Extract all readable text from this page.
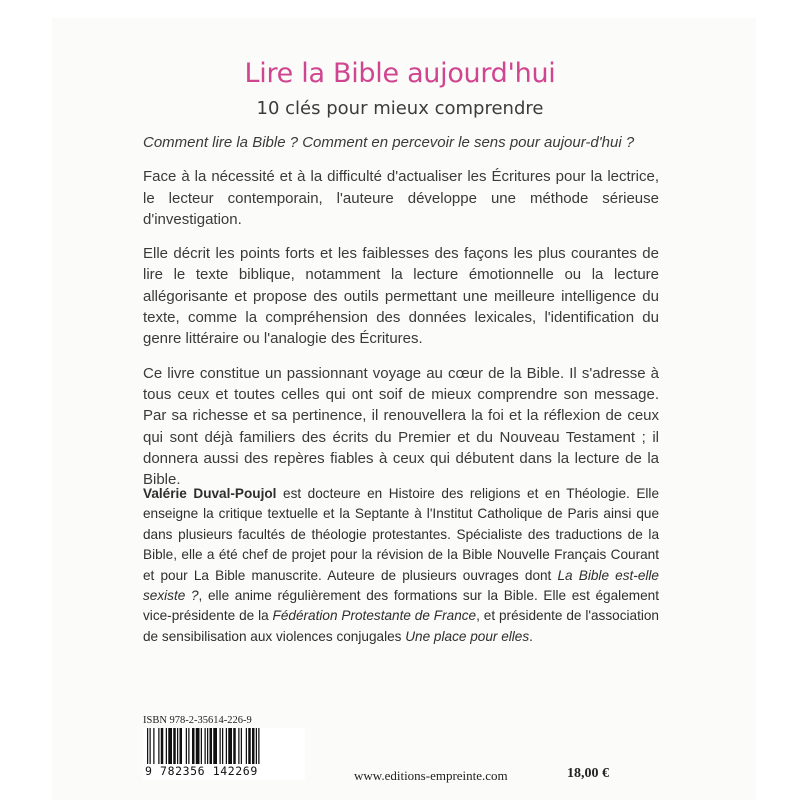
Lire la Bible aujourd'hui
10 clés pour mieux comprendre

Comment lire la Bible ? Comment en percevoir le sens pour aujour-d'hui ?

Face à la nécessité et à la difficulté d'actualiser les Écritures pour la lectrice, le lecteur contemporain, l'auteure développe une méthode sérieuse d'investigation.

Elle décrit les points forts et les faiblesses des façons les plus courantes de lire le texte biblique, notamment la lecture émotionnelle ou la lecture allégorisante et propose des outils permettant une meilleure intelligence du texte, comme la compréhension des données lexicales, l'identification du genre littéraire ou l'analogie des Écritures.

Ce livre constitue un passionnant voyage au cœur de la Bible. Il s'adresse à tous ceux et toutes celles qui ont soif de mieux comprendre son message. Par sa richesse et sa pertinence, il renouvellera la foi et la réflexion de ceux qui sont déjà familiers des écrits du Premier et du Nouveau Testament ; il donnera aussi des repères fiables à ceux qui débutent dans la lecture de la Bible.

Valérie Duval-Poujol est docteure en Histoire des religions et en Théologie. Elle enseigne la critique textuelle et la Septante à l'Institut Catholique de Paris ainsi que dans plusieurs facultés de théologie protestantes. Spécialiste des traductions de la Bible, elle a été chef de projet pour la révision de la Bible Nouvelle Français Courant et pour La Bible manuscrite. Auteure de plusieurs ouvrages dont La Bible est-elle sexiste ?, elle anime régulièrement des formations sur la Bible. Elle est également vice-présidente de la Fédération Protestante de France, et présidente de l'association de sensibilisation aux violences conjugales Une place pour elles.

ISBN 978-2-35614-226-9
9 782356 142269	www.editions-empreinte.com	18,00 €
